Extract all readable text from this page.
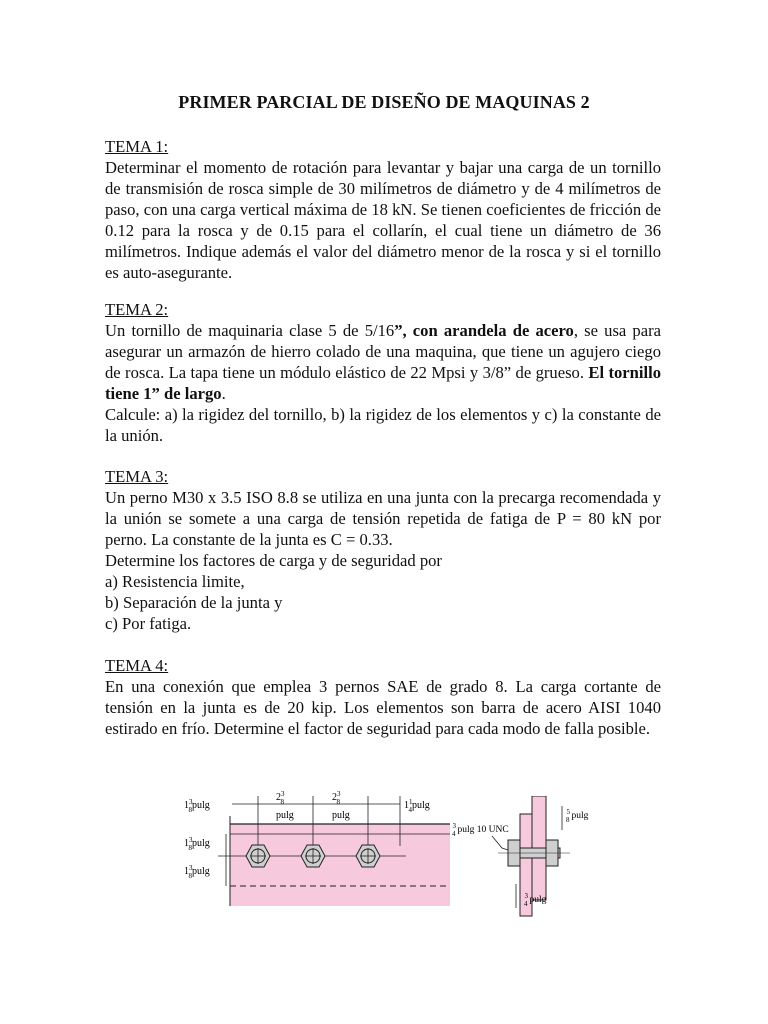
PRIMER PARCIAL DE DISEÑO DE MAQUINAS 2
TEMA 1:
Determinar el momento de rotación para levantar y bajar una carga de un tornillo de transmisión de rosca simple de 30 milímetros de diámetro y de 4 milímetros de paso, con una carga vertical máxima de 18 kN. Se tienen coeficientes de fricción de 0.12 para la rosca y de 0.15 para el collarín, el cual tiene un diámetro de 36 milímetros. Indique además el valor del diámetro menor de la rosca y si el tornillo es auto-asegurante.
TEMA 2:
Un tornillo de maquinaria clase 5 de 5/16”, con arandela de acero, se usa para asegurar un armazón de hierro colado de una maquina, que tiene un agujero ciego de rosca. La tapa tiene un módulo elástico de 22 Mpsi y 3/8” de grueso. El tornillo tiene 1” de largo.
Calcule: a) la rigidez del tornillo, b) la rigidez de los elementos y c) la constante de la unión.
TEMA 3:
Un perno M30 x 3.5 ISO 8.8 se utiliza en una junta con la precarga recomendada y la unión se somete a una carga de tensión repetida de fatiga de P = 80 kN por perno. La constante de la junta es C = 0.33.
Determine los factores de carga y de seguridad por
a) Resistencia limite,
b) Separación de la junta y
c) Por fatiga.
TEMA 4:
En una conexión que emplea 3 pernos SAE de grado 8. La carga cortante de tensión en la junta es de 20 kip. Los elementos son barra de acero AISI 1040 estirado en frío. Determine el factor de seguridad para cada modo de falla posible.
$1^3$ 8pulg
$2^3$ 8
pulg
$2^3$ 8
pulg
$1^1$ 4pulg
$1^3$ 8pulg
$1^3$ 8pulg
$^3$ 4 pulg 10 UNC
$^5$ 8 pulg
$^3$ 4 pulg
